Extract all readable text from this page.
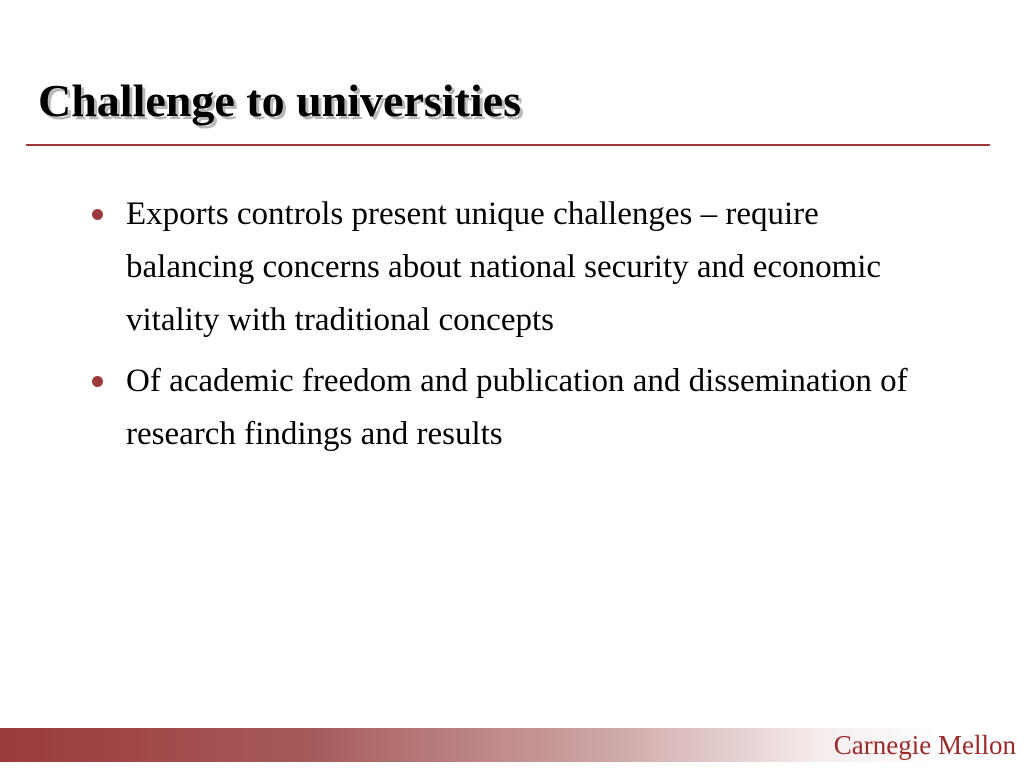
Challenge to universities
Exports controls present unique challenges – require balancing concerns about national security and economic vitality with traditional concepts
Of academic freedom and publication and dissemination of research findings and results
Carnegie Mellon
